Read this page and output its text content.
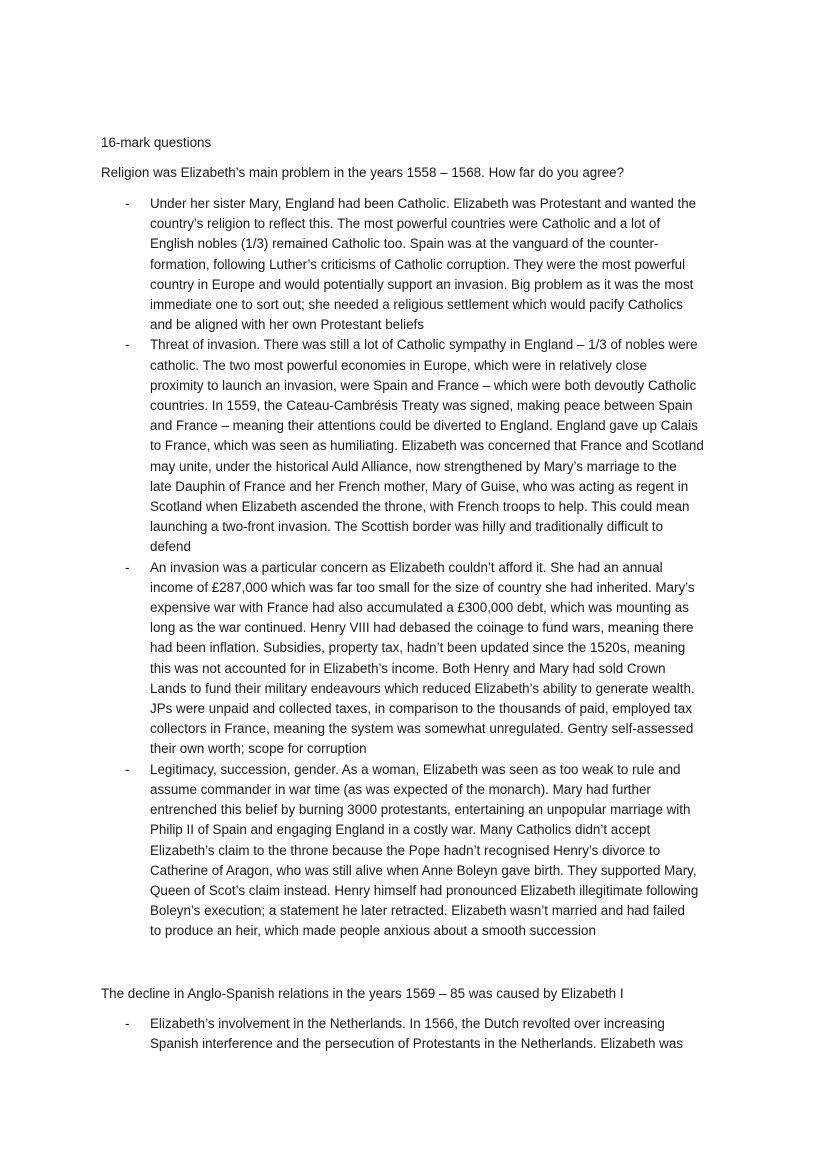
16-mark questions

Religion was Elizabeth’s main problem in the years 1558 – 1568. How far do you agree?

- Under her sister Mary, England had been Catholic. Elizabeth was Protestant and wanted the
country’s religion to reflect this. The most powerful countries were Catholic and a lot of
English nobles (1/3) remained Catholic too. Spain was at the vanguard of the counter-
formation, following Luther’s criticisms of Catholic corruption. They were the most powerful
country in Europe and would potentially support an invasion. Big problem as it was the most
immediate one to sort out; she needed a religious settlement which would pacify Catholics
and be aligned with her own Protestant beliefs
- Threat of invasion. There was still a lot of Catholic sympathy in England – 1/3 of nobles were
catholic. The two most powerful economies in Europe, which were in relatively close
proximity to launch an invasion, were Spain and France – which were both devoutly Catholic
countries. In 1559, the Cateau-Cambrésis Treaty was signed, making peace between Spain
and France – meaning their attentions could be diverted to England. England gave up Calais
to France, which was seen as humiliating. Elizabeth was concerned that France and Scotland
may unite, under the historical Auld Alliance, now strengthened by Mary’s marriage to the
late Dauphin of France and her French mother, Mary of Guise, who was acting as regent in
Scotland when Elizabeth ascended the throne, with French troops to help. This could mean
launching a two-front invasion. The Scottish border was hilly and traditionally difficult to
defend
- An invasion was a particular concern as Elizabeth couldn’t afford it. She had an annual
income of £287,000 which was far too small for the size of country she had inherited. Mary’s
expensive war with France had also accumulated a £300,000 debt, which was mounting as
long as the war continued. Henry VIII had debased the coinage to fund wars, meaning there
had been inflation. Subsidies, property tax, hadn’t been updated since the 1520s, meaning
this was not accounted for in Elizabeth’s income. Both Henry and Mary had sold Crown
Lands to fund their military endeavours which reduced Elizabeth’s ability to generate wealth.
JPs were unpaid and collected taxes, in comparison to the thousands of paid, employed tax
collectors in France, meaning the system was somewhat unregulated. Gentry self-assessed
their own worth; scope for corruption
- Legitimacy, succession, gender. As a woman, Elizabeth was seen as too weak to rule and
assume commander in war time (as was expected of the monarch). Mary had further
entrenched this belief by burning 3000 protestants, entertaining an unpopular marriage with
Philip II of Spain and engaging England in a costly war. Many Catholics didn’t accept
Elizabeth’s claim to the throne because the Pope hadn’t recognised Henry’s divorce to
Catherine of Aragon, who was still alive when Anne Boleyn gave birth. They supported Mary,
Queen of Scot’s claim instead. Henry himself had pronounced Elizabeth illegitimate following
Boleyn’s execution; a statement he later retracted. Elizabeth wasn’t married and had failed
to produce an heir, which made people anxious about a smooth succession

The decline in Anglo-Spanish relations in the years 1569 – 85 was caused by Elizabeth I

- Elizabeth’s involvement in the Netherlands. In 1566, the Dutch revolted over increasing
Spanish interference and the persecution of Protestants in the Netherlands. Elizabeth was
